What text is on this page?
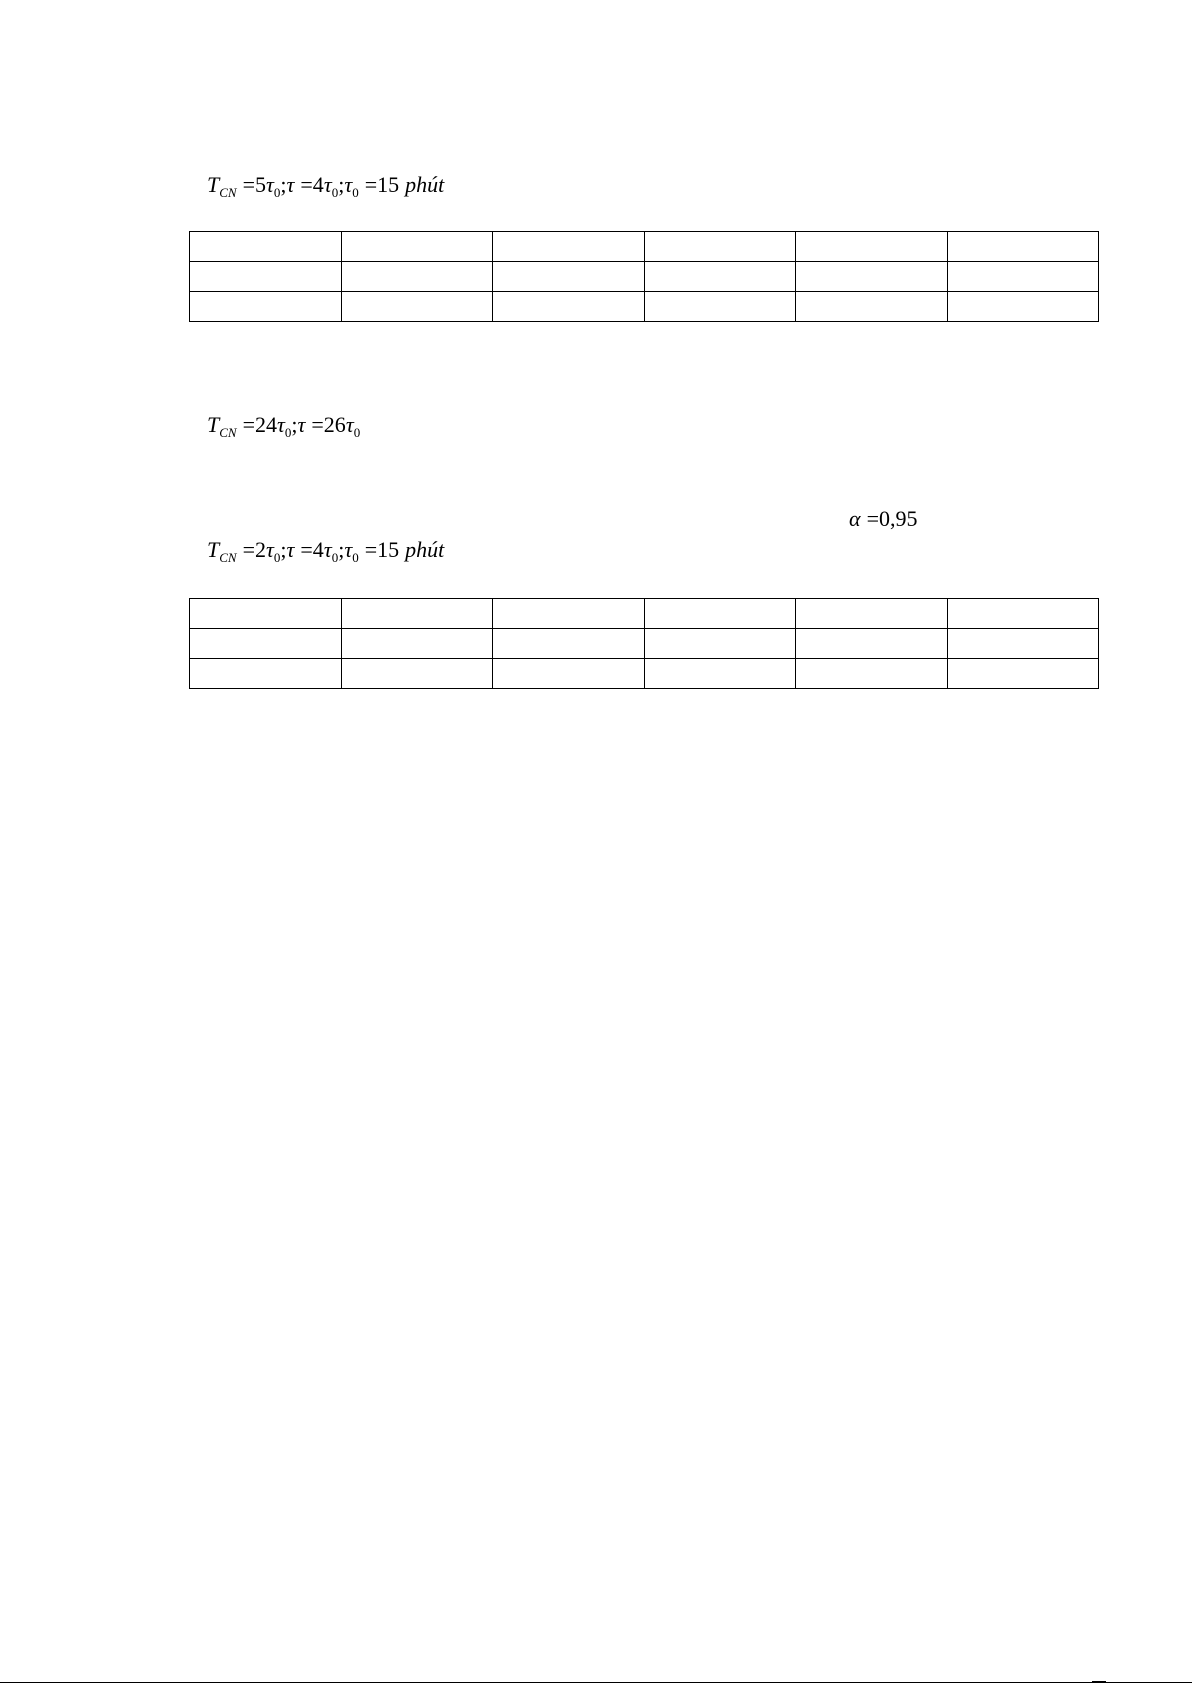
$T_{CN}$ $=5\tau_0;\tau$ $=4\tau_0;\tau_0 =15$ phút

$T_{CN}$ $=24\tau_0;\tau =26\tau_0$
α =0,95
$T_{CN}$ $=2\tau_0;\tau$ $=4\tau_0;\tau_0 =15$ phút
